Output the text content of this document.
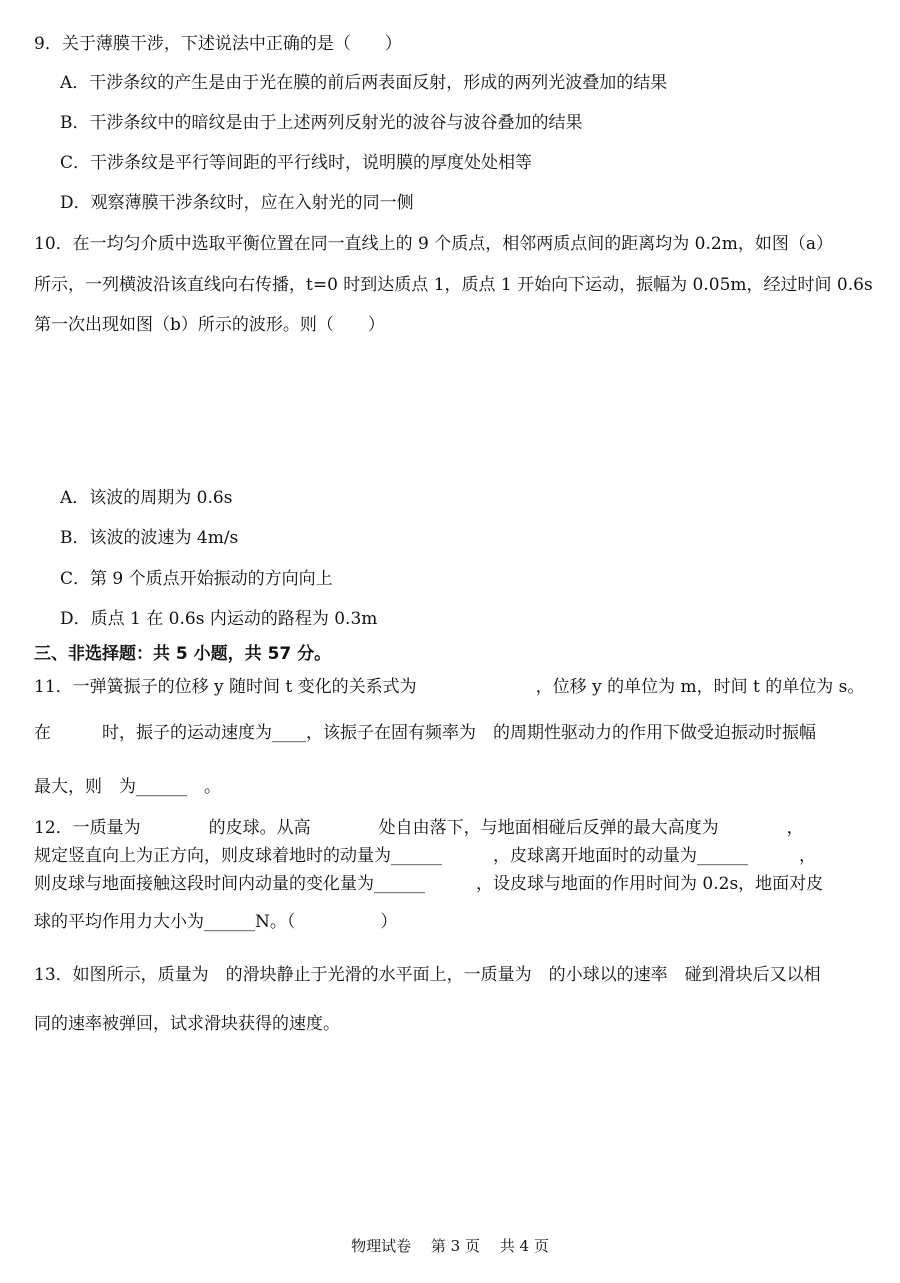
9．关于薄膜干涉，下述说法中正确的是（　　）
A．干涉条纹的产生是由于光在膜的前后两表面反射，形成的两列光波叠加的结果
B．干涉条纹中的暗纹是由于上述两列反射光的波谷与波谷叠加的结果
C．干涉条纹是平行等间距的平行线时，说明膜的厚度处处相等
D．观察薄膜干涉条纹时，应在入射光的同一侧
10．在一均匀介质中选取平衡位置在同一直线上的 9 个质点，相邻两质点间的距离均为 0.2m，如图（a）
所示，一列横波沿该直线向右传播，t=0 时到达质点 1，质点 1 开始向下运动，振幅为 0.05m，经过时间 0.6s
第一次出现如图（b）所示的波形。则（　　）
A．该波的周期为 0.6s
B．该波的波速为 4m/s
C．第 9 个质点开始振动的方向向上
D．质点 1 在 0.6s 内运动的路程为 0.3m
三、非选择题：共 5 小题，共 57 分。
11．一弹簧振子的位移 y 随时间 t 变化的关系式为　　　　　　　，位移 y 的单位为 m，时间 t 的单位为 s。
在　　　时，振子的运动速度为____，该振子在固有频率为　的周期性驱动力的作用下做受迫振动时振幅
最大，则　为______　。
12．一质量为　　　　的皮球。从高　　　　处自由落下，与地面相碰后反弹的最大高度为　　　　，
规定竖直向上为正方向，则皮球着地时的动量为______　　　，皮球离开地面时的动量为______　　　，
则皮球与地面接触这段时间内动量的变化量为______　　　，设皮球与地面的作用时间为 0.2s，地面对皮
球的平均作用力大小为______N。（　　　　　）
13．如图所示，质量为　的滑块静止于光滑的水平面上，一质量为　的小球以的速率　碰到滑块后又以相
同的速率被弹回，试求滑块获得的速度。
物理试卷　 第 3 页　 共 4 页
